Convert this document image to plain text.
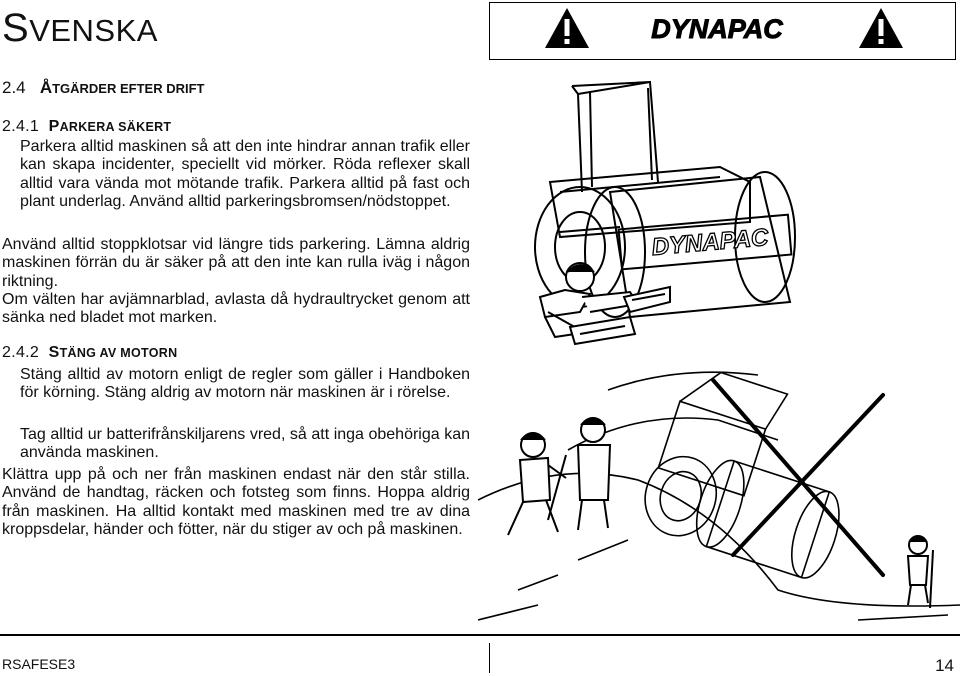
SVENSKA	DYNAPAC
2.4 ÅTGÄRDER EFTER DRIFT
2.4.1 PARKERA SÄKERT
Parkera alltid maskinen så att den inte hindrar annan trafik eller kan skapa incidenter, speciellt vid mörker. Röda reflexer skall alltid vara vända mot mötande trafik. Parkera alltid på fast och plant underlag. Använd alltid parkeringsbromsen/nödstoppet.
Använd alltid stoppklotsar vid längre tids parkering. Lämna aldrig maskinen förrän du är säker på att den inte kan rulla iväg i någon riktning.
Om välten har avjämnarblad, avlasta då hydraultrycket genom att sänka ned bladet mot marken.
2.4.2 STÄNG AV MOTORN
Stäng alltid av motorn enligt de regler som gäller i Handboken för körning. Stäng aldrig av motorn när maskinen är i rörelse.
Tag alltid ur batterifrånskiljarens vred, så att inga obehöriga kan använda maskinen.
Klättra upp på och ner från maskinen endast när den står stilla. Använd de handtag, räcken och fotsteg som finns. Hoppa aldrig från maskinen. Ha alltid kontakt med maskinen med tre av dina kroppsdelar, händer och fötter, när du stiger av och på maskinen.
DYNAPAC
RSAFESE3	14
